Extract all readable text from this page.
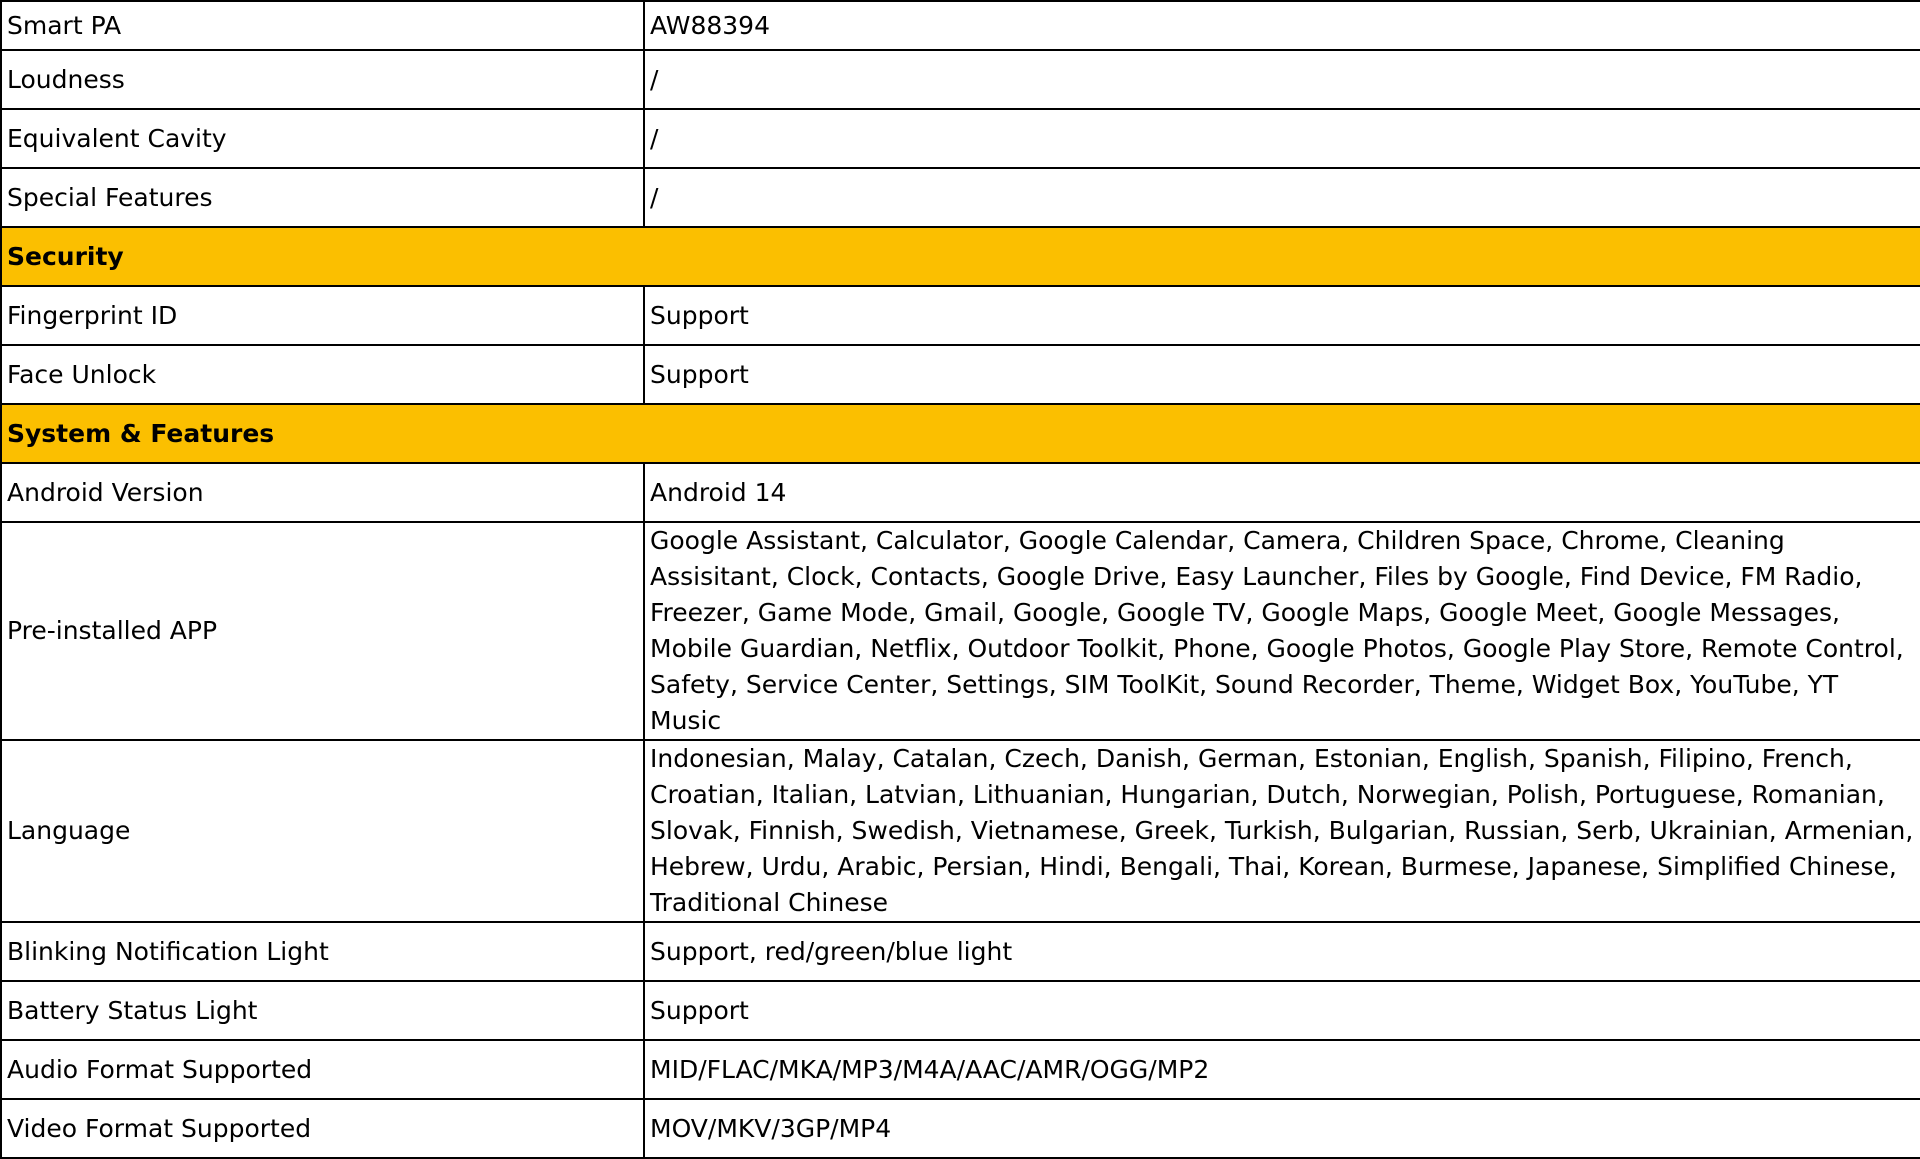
Smart PA	AW88394
Loudness	/
Equivalent Cavity	/
Special Features	/
Security	
Fingerprint ID	Support
Face Unlock	Support
System & Features	
Android Version	Android 14
Pre-installed APP	Google Assistant, Calculator, Google Calendar, Camera, Children Space, Chrome, Cleaning Assisitant, Clock, Contacts, Google Drive, Easy Launcher, Files by Google, Find Device, FM Radio, Freezer, Game Mode, Gmail, Google, Google TV, Google Maps, Google Meet, Google Messages, Mobile Guardian, Netflix, Outdoor Toolkit, Phone, Google Photos, Google Play Store, Remote Control, Safety, Service Center, Settings, SIM ToolKit, Sound Recorder, Theme, Widget Box, YouTube, YT Music
Language	Indonesian, Malay, Catalan, Czech, Danish, German, Estonian, English, Spanish, Filipino, French, Croatian, Italian, Latvian, Lithuanian, Hungarian, Dutch, Norwegian, Polish, Portuguese, Romanian, Slovak, Finnish, Swedish, Vietnamese, Greek, Turkish, Bulgarian, Russian, Serb, Ukrainian, Armenian, Hebrew, Urdu, Arabic, Persian, Hindi, Bengali, Thai, Korean, Burmese, Japanese, Simplified Chinese, Traditional Chinese
Blinking Notification Light	Support, red/green/blue light
Battery Status Light	Support
Audio Format Supported	MID/FLAC/MKA/MP3/M4A/AAC/AMR/OGG/MP2
Video Format Supported	MOV/MKV/3GP/MP4
